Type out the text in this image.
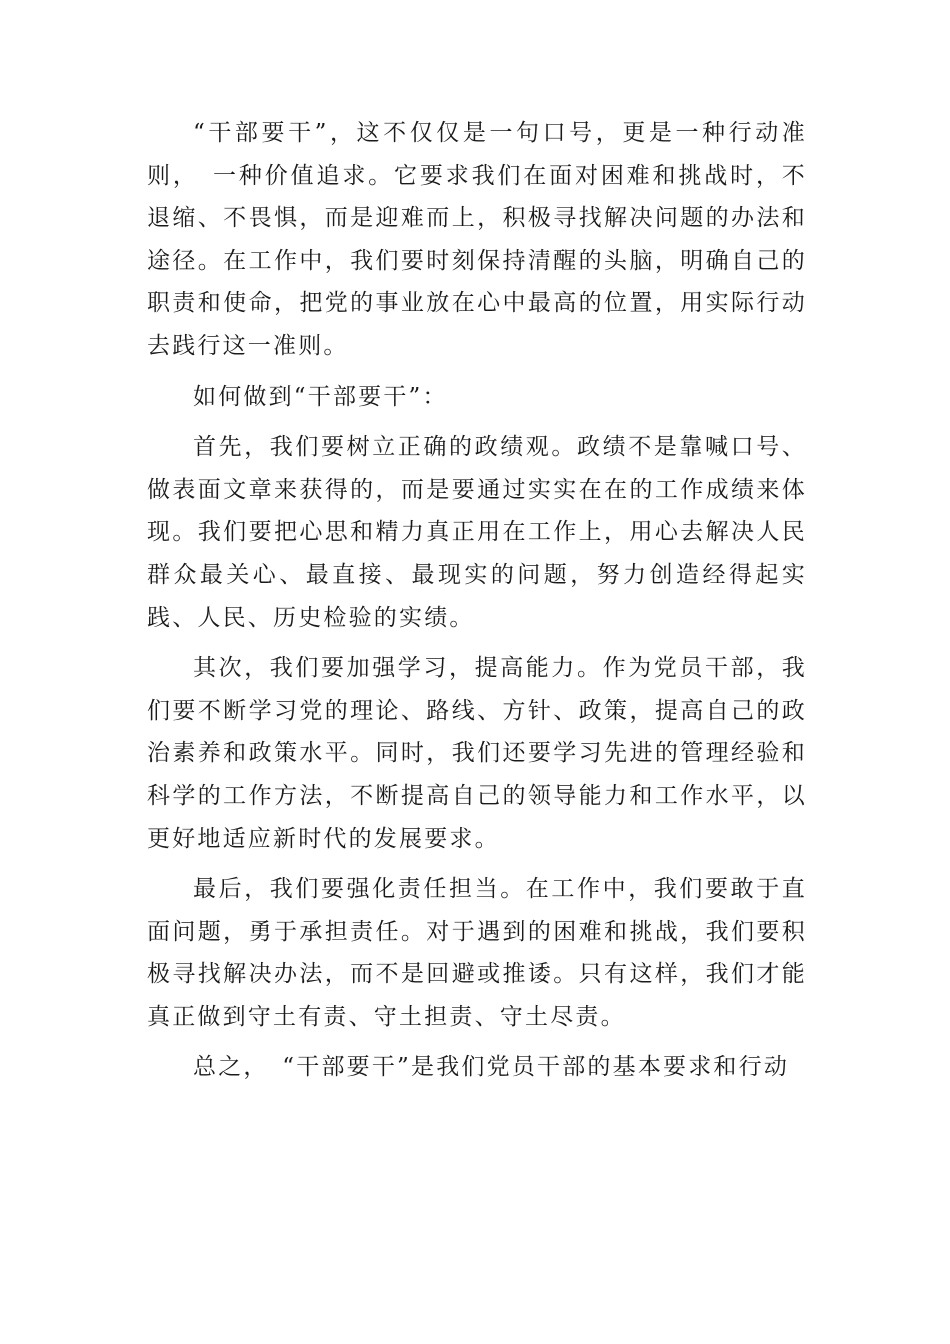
“干部要干”，这不仅仅是一句口号，更是一种行动准则，　一种价值追求。它要求我们在面对困难和挑战时，不退缩、不畏惧，而是迎难而上，积极寻找解决问题的办法和途径。在工作中，我们要时刻保持清醒的头脑，明确自己的职责和使命，把党的事业放在心中最高的位置，用实际行动去践行这一准则。

如何做到“干部要干”：

首先，我们要树立正确的政绩观。政绩不是靠喊口号、做表面文章来获得的，而是要通过实实在在的工作成绩来体现。我们要把心思和精力真正用在工作上，用心去解决人民群众最关心、最直接、最现实的问题，努力创造经得起实践、人民、历史检验的实绩。

其次，我们要加强学习，提高能力。作为党员干部，我们要不断学习党的理论、路线、方针、政策，提高自己的政治素养和政策水平。同时，我们还要学习先进的管理经验和科学的工作方法，不断提高自己的领导能力和工作水平，以更好地适应新时代的发展要求。

最后，我们要强化责任担当。在工作中，我们要敢于直面问题，勇于承担责任。对于遇到的困难和挑战，我们要积极寻找解决办法，而不是回避或推诿。只有这样，我们才能真正做到守土有责、守土担责、守土尽责。

总之，　“干部要干”是我们党员干部的基本要求和行动
